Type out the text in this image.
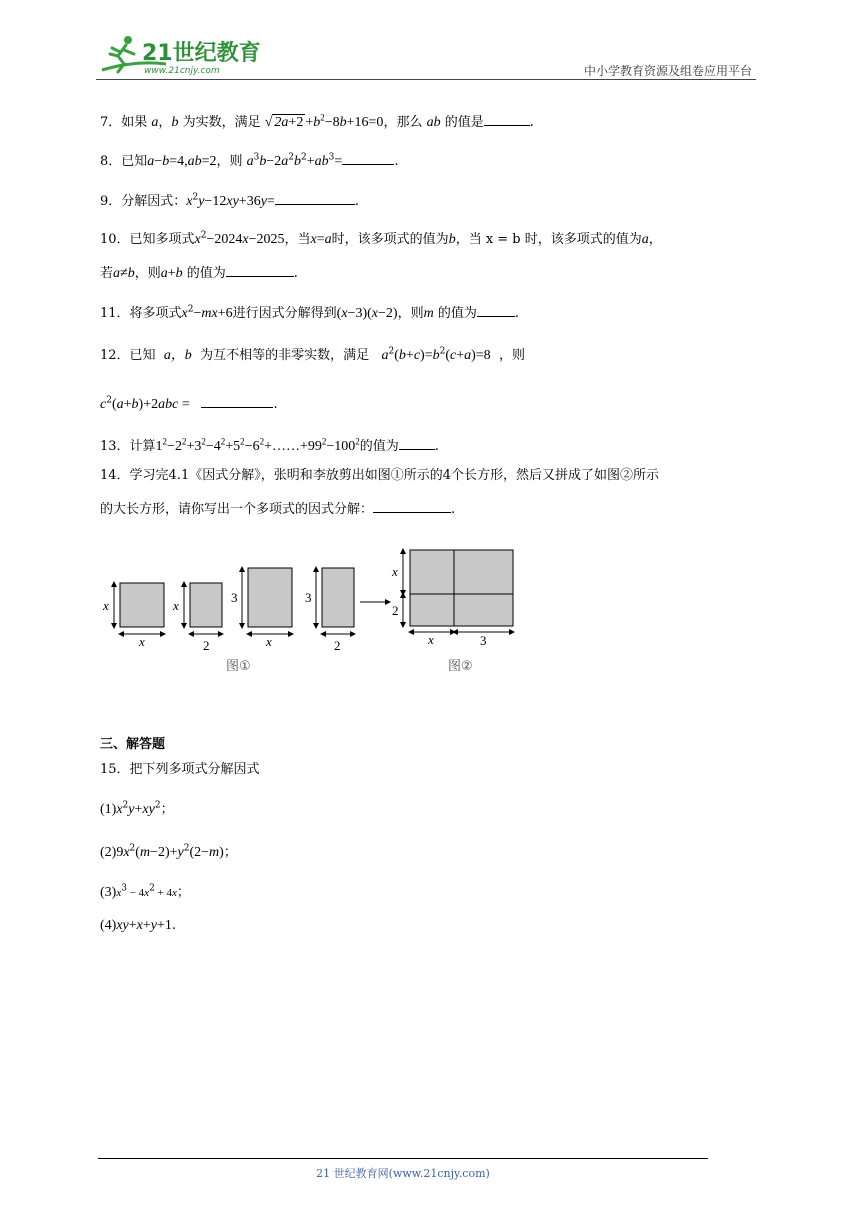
21世纪教育
www.21cnjy.com	中小学教育资源及组卷应用平台
7．如果 a，b 为实数，满足 √ $2a+2 +b^2-8b+16=0$，那么 ab 的值是	.
8．已知a−b=4,ab=2，则 $a^3b-2a^2b^2+ab^3=$	.
9．分解因式：$x^2y-12xy+36y=$	.
10．已知多项式$x^2-2024x-2025$，当x=a时，该多项式的值为b，当 x = b 时，该多项式的值为a，
若a≠b，则a+b 的值为	.
11．将多项式$x^2-mx+6$进行因式分解得到(x−3)(x−2)，则m 的值为	.
12．已知 a，b 为互不相等的非零实数，满足 $a^2(b+c)=b^2(c+a)=8$ ，则
$c^2(a+b)+2abc$ =	.
13．计算$1^2-2^2+3^2-4^2+5^2-6^2+\dots\dots+99^2-100^2$的值为	.
14．学习完4.1《因式分解》，张明和李放剪出如图①所示的4个长方形，然后又拼成了如图②所示
的大长方形，请你写出一个多项式的因式分解：	.
x
x
x
2
3
x
3
2
x
2
x	3
图①	图②
三、解答题
15．把下列多项式分解因式
$(1)x^2y+xy^2$；
$(2)9x^2(m-2)+y^2(2-m)$；
$(3)x^3 - 4x^2 + 4x$；
(4)xy+x+y+1.
21 世纪教育网(www.21cnjy.com)
